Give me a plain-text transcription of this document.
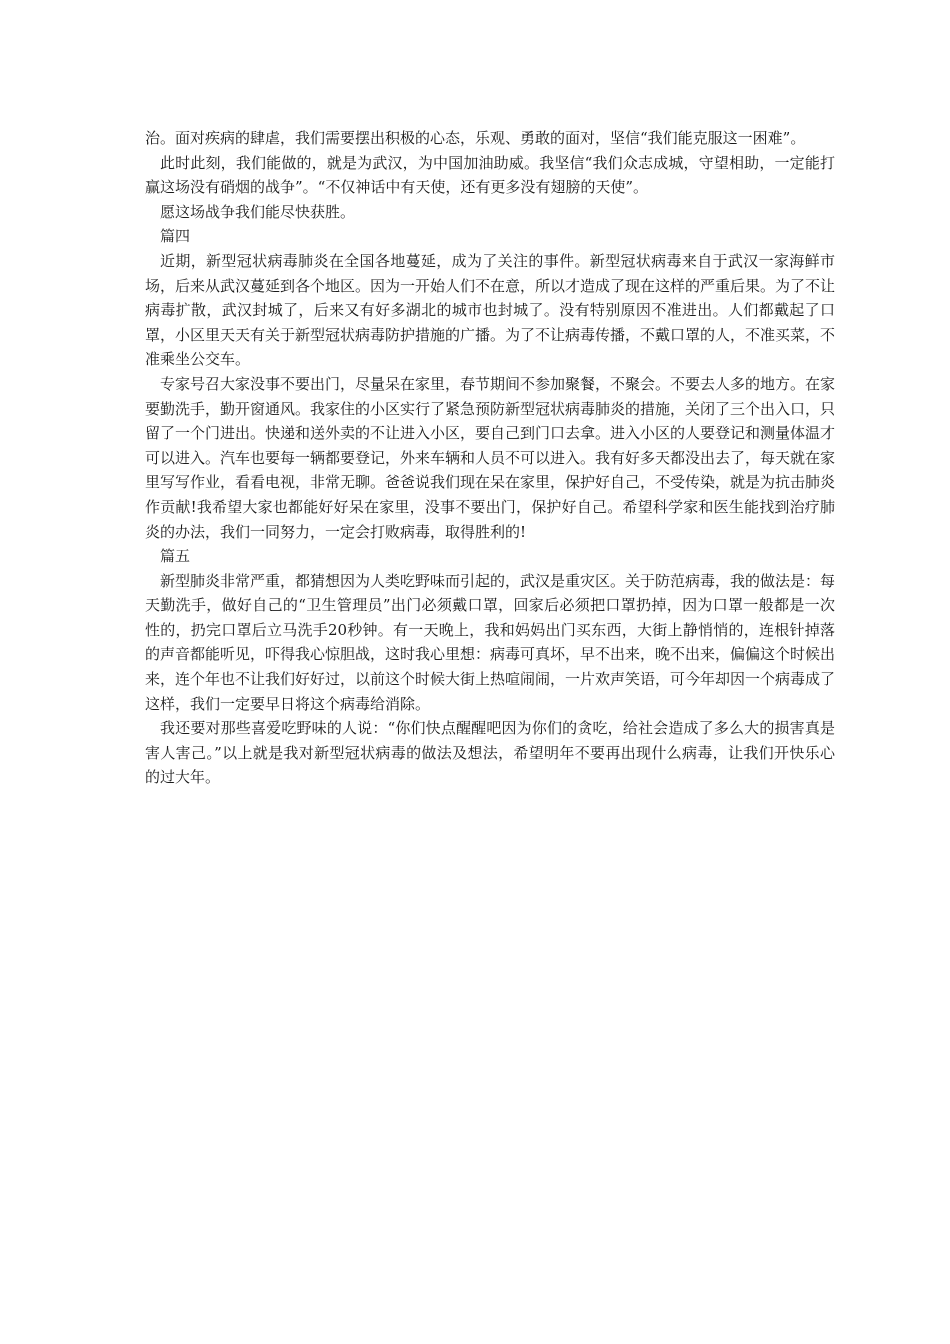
治。面对疾病的肆虐，我们需要摆出积极的心态，乐观、勇敢的面对，坚信“我们能克服这一困难”。

此时此刻，我们能做的，就是为武汉，为中国加油助威。我坚信“我们众志成城，守望相助，一定能打赢这场没有硝烟的战争”。“不仅神话中有天使，还有更多没有翅膀的天使”。

愿这场战争我们能尽快获胜。

篇四

近期，新型冠状病毒肺炎在全国各地蔓延，成为了关注的事件。新型冠状病毒来自于武汉一家海鲜市场，后来从武汉蔓延到各个地区。因为一开始人们不在意，所以才造成了现在这样的严重后果。为了不让病毒扩散，武汉封城了，后来又有好多湖北的城市也封城了。没有特别原因不准进出。人们都戴起了口罩，小区里天天有关于新型冠状病毒防护措施的广播。为了不让病毒传播，不戴口罩的人，不准买菜，不准乘坐公交车。

专家号召大家没事不要出门，尽量呆在家里，春节期间不参加聚餐，不聚会。不要去人多的地方。在家要勤洗手，勤开窗通风。我家住的小区实行了紧急预防新型冠状病毒肺炎的措施，关闭了三个出入口，只留了一个门进出。快递和送外卖的不让进入小区，要自己到门口去拿。进入小区的人要登记和测量体温才可以进入。汽车也要每一辆都要登记，外来车辆和人员不可以进入。我有好多天都没出去了，每天就在家里写写作业，看看电视，非常无聊。爸爸说我们现在呆在家里，保护好自己，不受传染，就是为抗击肺炎作贡献!我希望大家也都能好好呆在家里，没事不要出门，保护好自己。希望科学家和医生能找到治疗肺炎的办法，我们一同努力，一定会打败病毒，取得胜利的!

篇五

新型肺炎非常严重，都猜想因为人类吃野味而引起的，武汉是重灾区。关于防范病毒，我的做法是：每天勤洗手，做好自己的“卫生管理员”出门必须戴口罩，回家后必须把口罩扔掉，因为口罩一般都是一次性的，扔完口罩后立马洗手20秒钟。有一天晚上，我和妈妈出门买东西，大街上静悄悄的，连根针掉落的声音都能听见，吓得我心惊胆战，这时我心里想：病毒可真坏，早不出来，晚不出来，偏偏这个时候出来，连个年也不让我们好好过，以前这个时候大街上热喧闹闹，一片欢声笑语，可今年却因一个病毒成了这样，我们一定要早日将这个病毒给消除。

我还要对那些喜爱吃野味的人说：“你们快点醒醒吧因为你们的贪吃，给社会造成了多么大的损害真是害人害己。”以上就是我对新型冠状病毒的做法及想法，希望明年不要再出现什么病毒，让我们开快乐心的过大年。
